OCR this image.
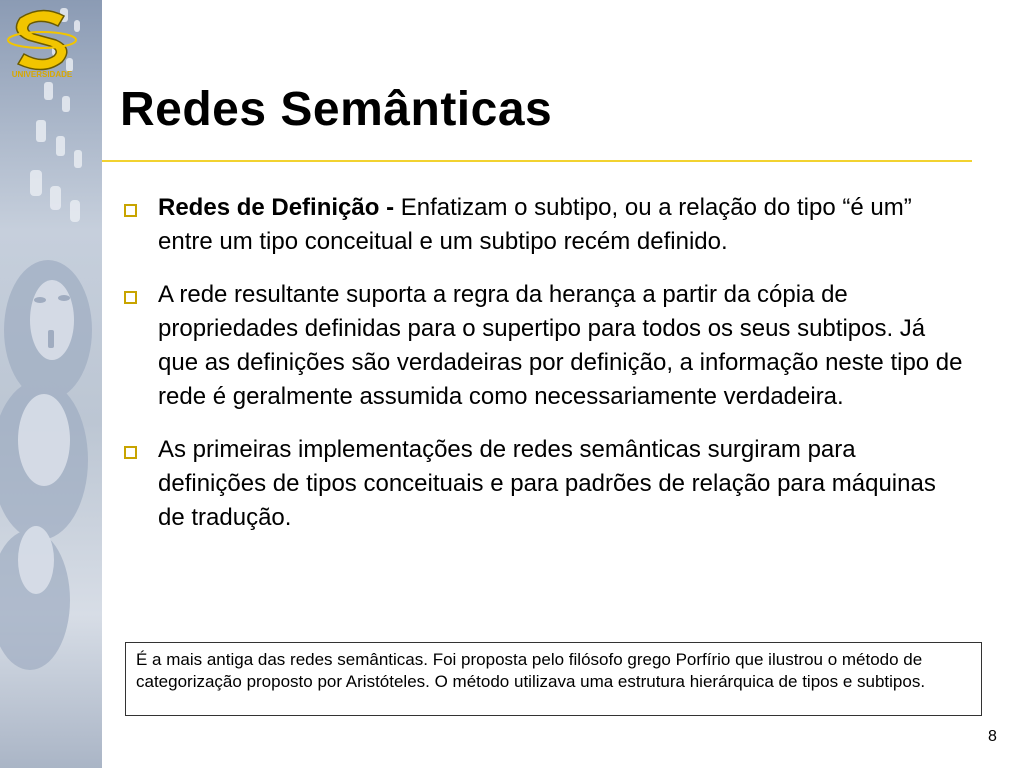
UNIVERSIDADE
Redes Semânticas
Redes de Definição - Enfatizam o subtipo, ou a relação do tipo “é um” entre um tipo conceitual e um subtipo recém definido.
A rede resultante suporta a regra da herança a partir da cópia de propriedades definidas para o supertipo para todos os seus subtipos. Já que as definições são verdadeiras por definição, a informação neste tipo de rede é geralmente assumida como necessariamente verdadeira.
As primeiras implementações de redes semânticas surgiram para definições de tipos conceituais e para padrões de relação para máquinas de tradução.
É a mais antiga das redes semânticas. Foi proposta pelo filósofo grego Porfírio que ilustrou o método de categorização proposto por Aristóteles. O método utilizava uma estrutura hierárquica de tipos e subtipos.
8
